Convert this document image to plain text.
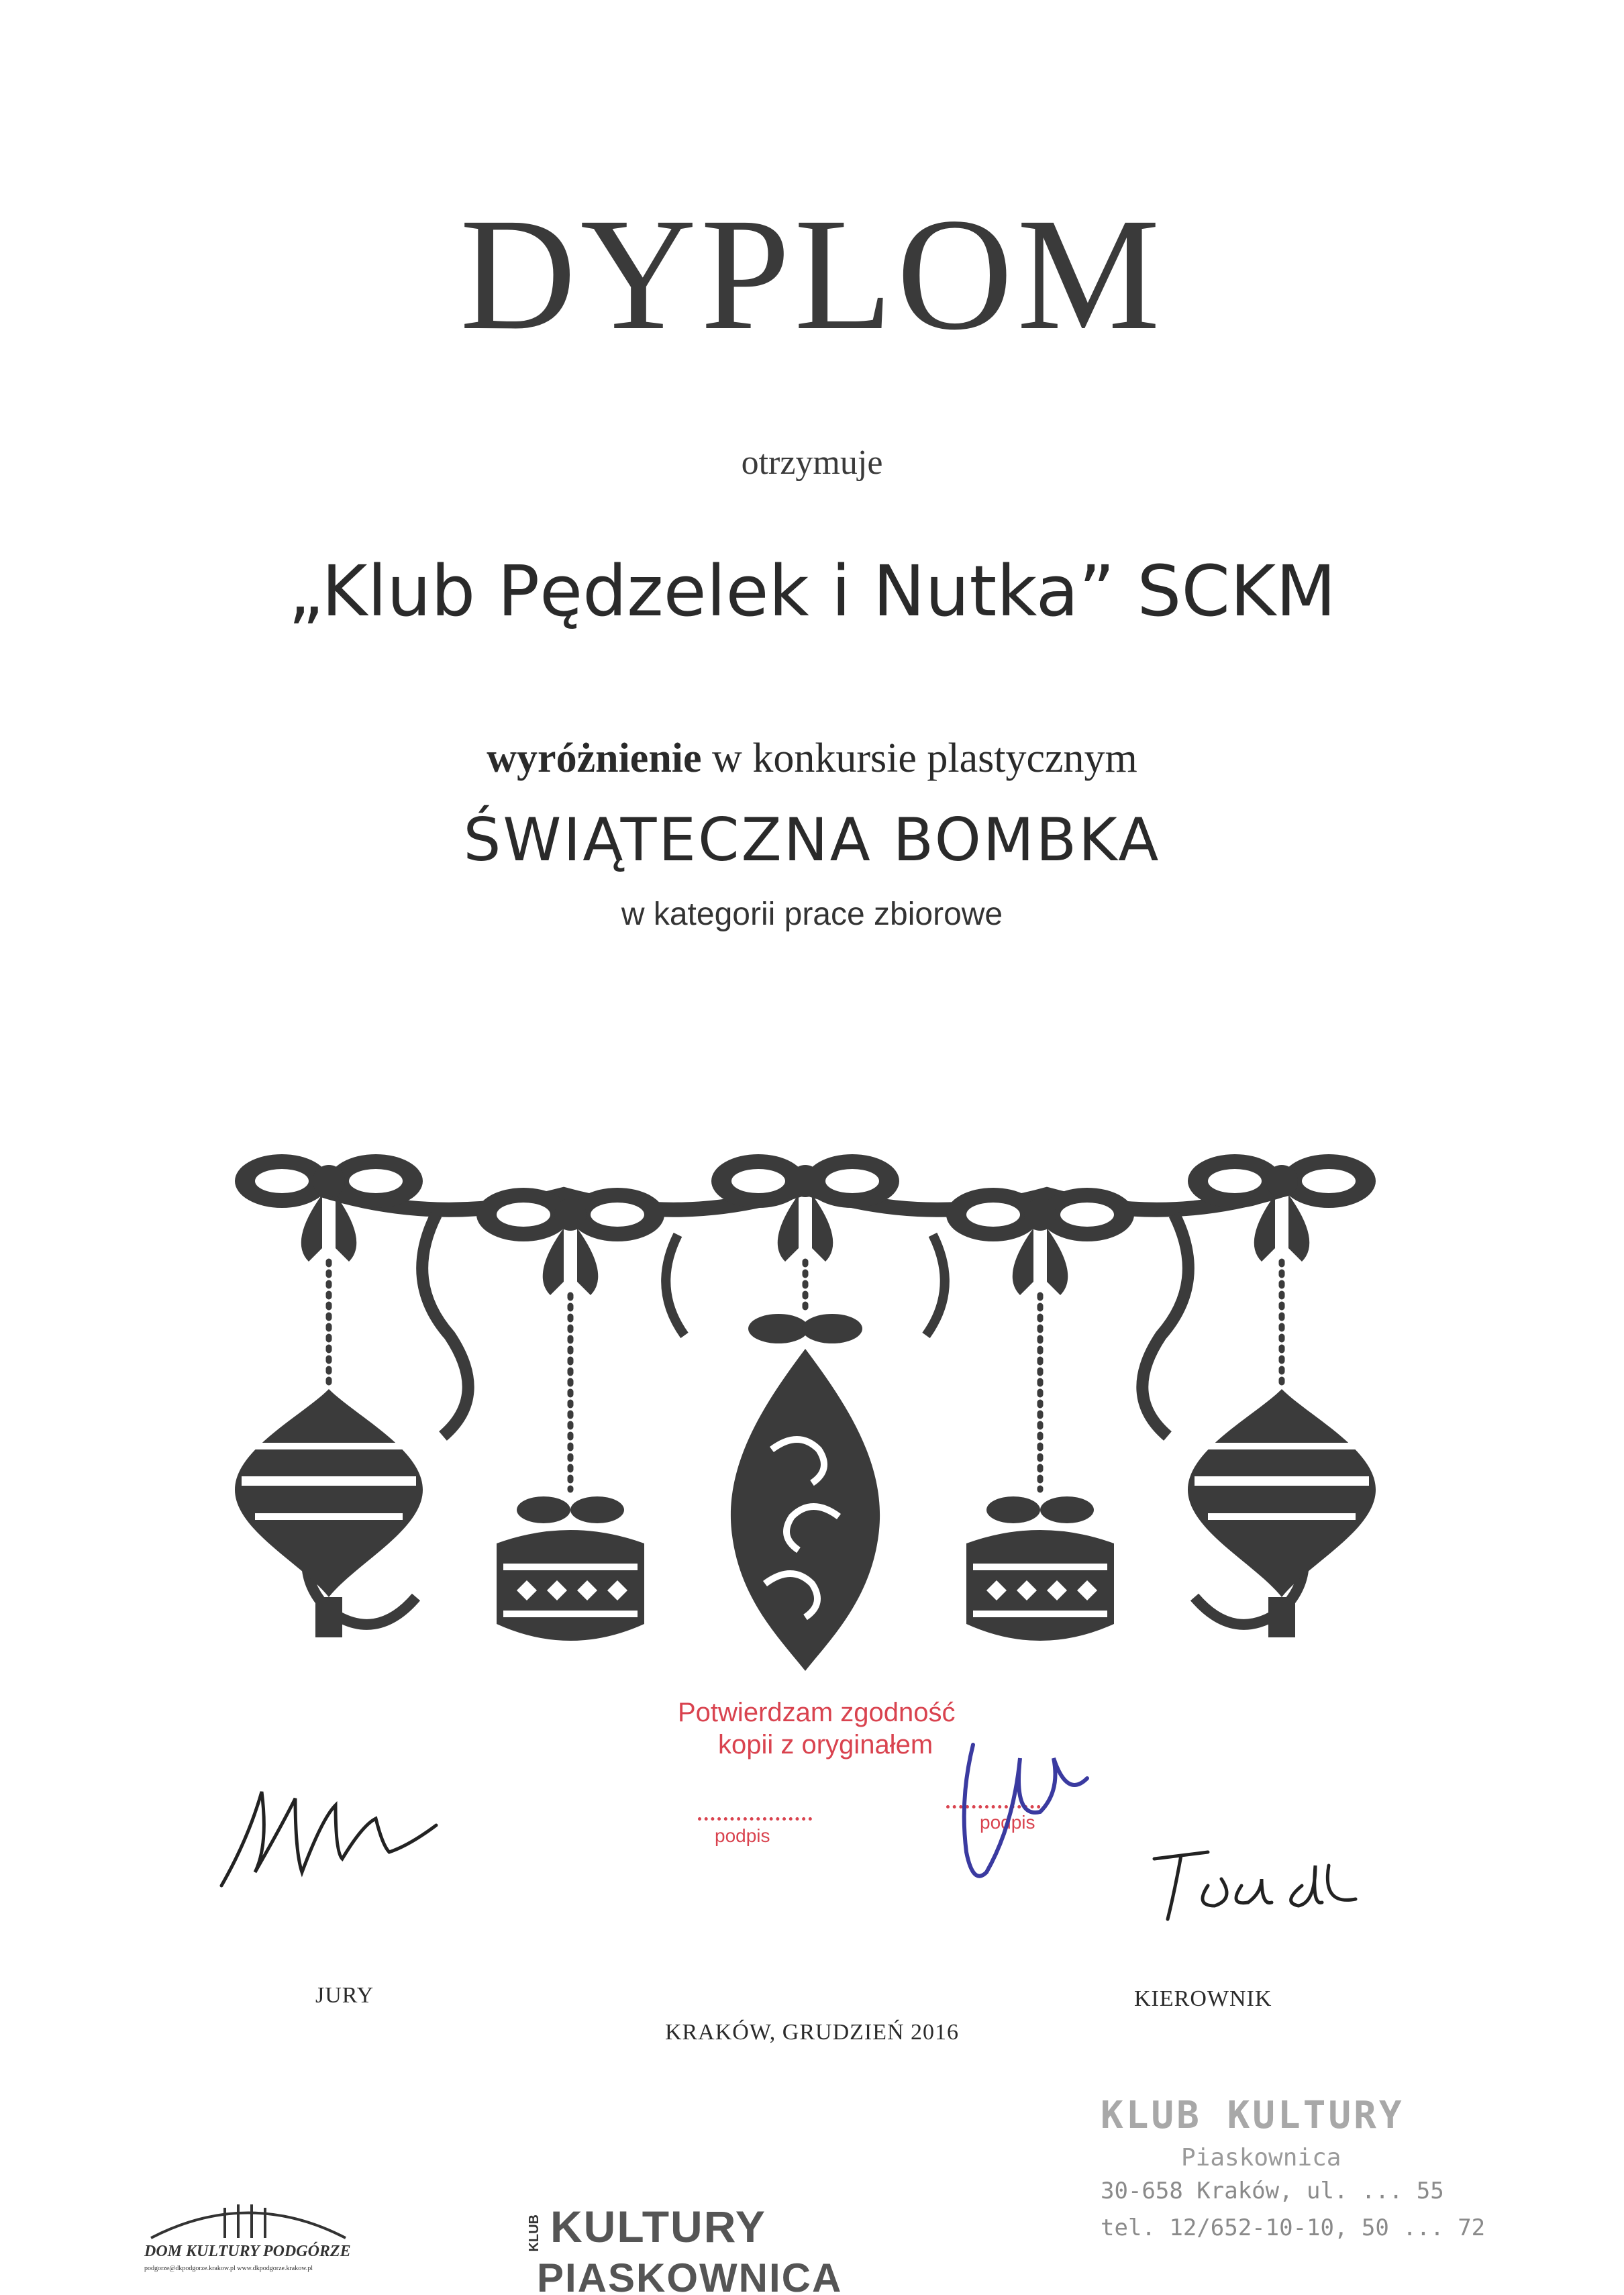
DYPLOM
otrzymuje
„Klub Pędzelek i Nutka” SCKM
wyróżnienie w konkursie plastycznym
ŚWIĄTECZNA BOMBKA
w kategorii prace zbiorowe
Potwierdzam zgodność
kopii z oryginałem
podpis
podpis
JURY	KIEROWNIK
KRAKÓW, GRUDZIEŃ 2016
KLUB KULTURY
Piaskownica
30-658 Kraków, ul. ... 55
tel. 12/652-10-10, 50 ... 72
DOM KULTURY PODGÓRZE
podgorze@dkpodgorze.krakow.pl www.dkpodgorze.krakow.pl
KLUB KULTURY
PIASKOWNICA
